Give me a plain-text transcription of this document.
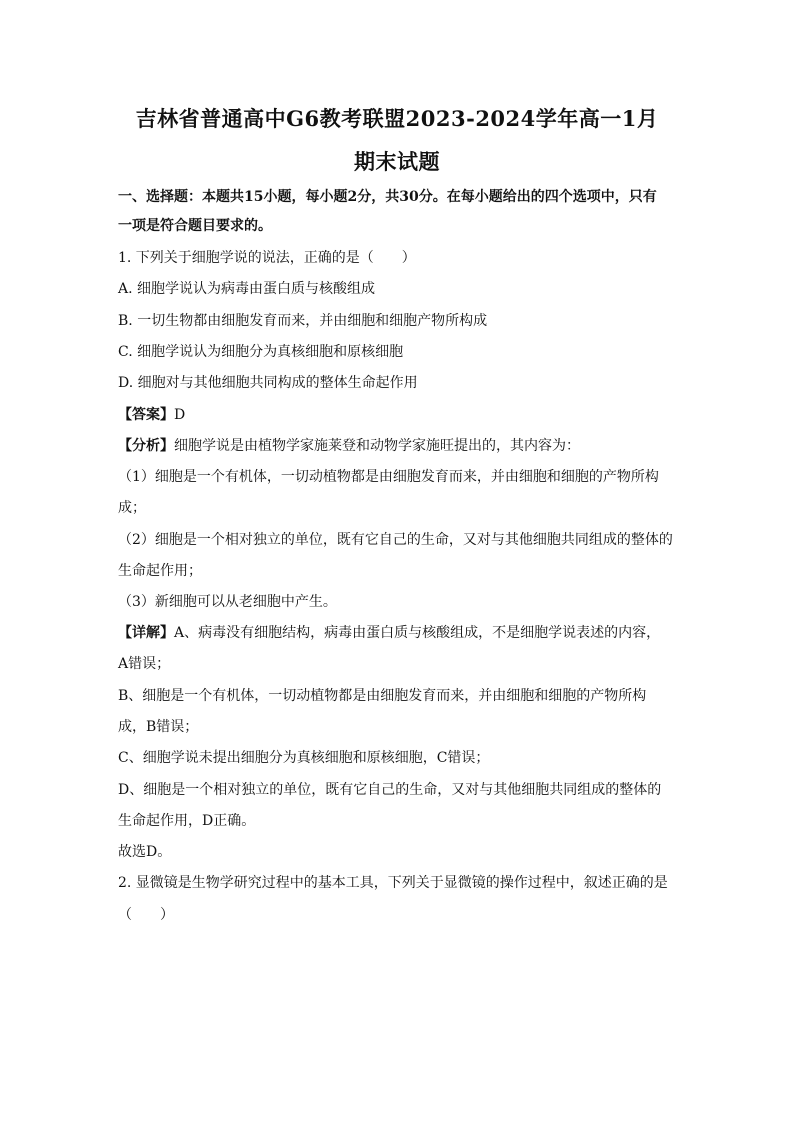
吉林省普通高中G6教考联盟2023-2024学年高一1月
期末试题
一、选择题：本题共15小题，每小题2分，共30分。在每小题给出的四个选项中，只有
一项是符合题目要求的。
1. 下列关于细胞学说的说法，正确的是（　　）
A. 细胞学说认为病毒由蛋白质与核酸组成
B. 一切生物都由细胞发育而来，并由细胞和细胞产物所构成
C. 细胞学说认为细胞分为真核细胞和原核细胞
D. 细胞对与其他细胞共同构成的整体生命起作用
【答案】D
【分析】细胞学说是由植物学家施莱登和动物学家施旺提出的，其内容为：
（1）细胞是一个有机体，一切动植物都是由细胞发育而来，并由细胞和细胞的产物所构
成；
（2）细胞是一个相对独立的单位，既有它自己的生命，又对与其他细胞共同组成的整体的
生命起作用；
（3）新细胞可以从老细胞中产生。
【详解】A、病毒没有细胞结构，病毒由蛋白质与核酸组成，不是细胞学说表述的内容，
A错误；
B、细胞是一个有机体，一切动植物都是由细胞发育而来，并由细胞和细胞的产物所构
成，B错误；
C、细胞学说未提出细胞分为真核细胞和原核细胞，C错误；
D、细胞是一个相对独立的单位，既有它自己的生命，又对与其他细胞共同组成的整体的
生命起作用，D正确。
故选D。
2. 显微镜是生物学研究过程中的基本工具，下列关于显微镜的操作过程中，叙述正确的是
（　　）
